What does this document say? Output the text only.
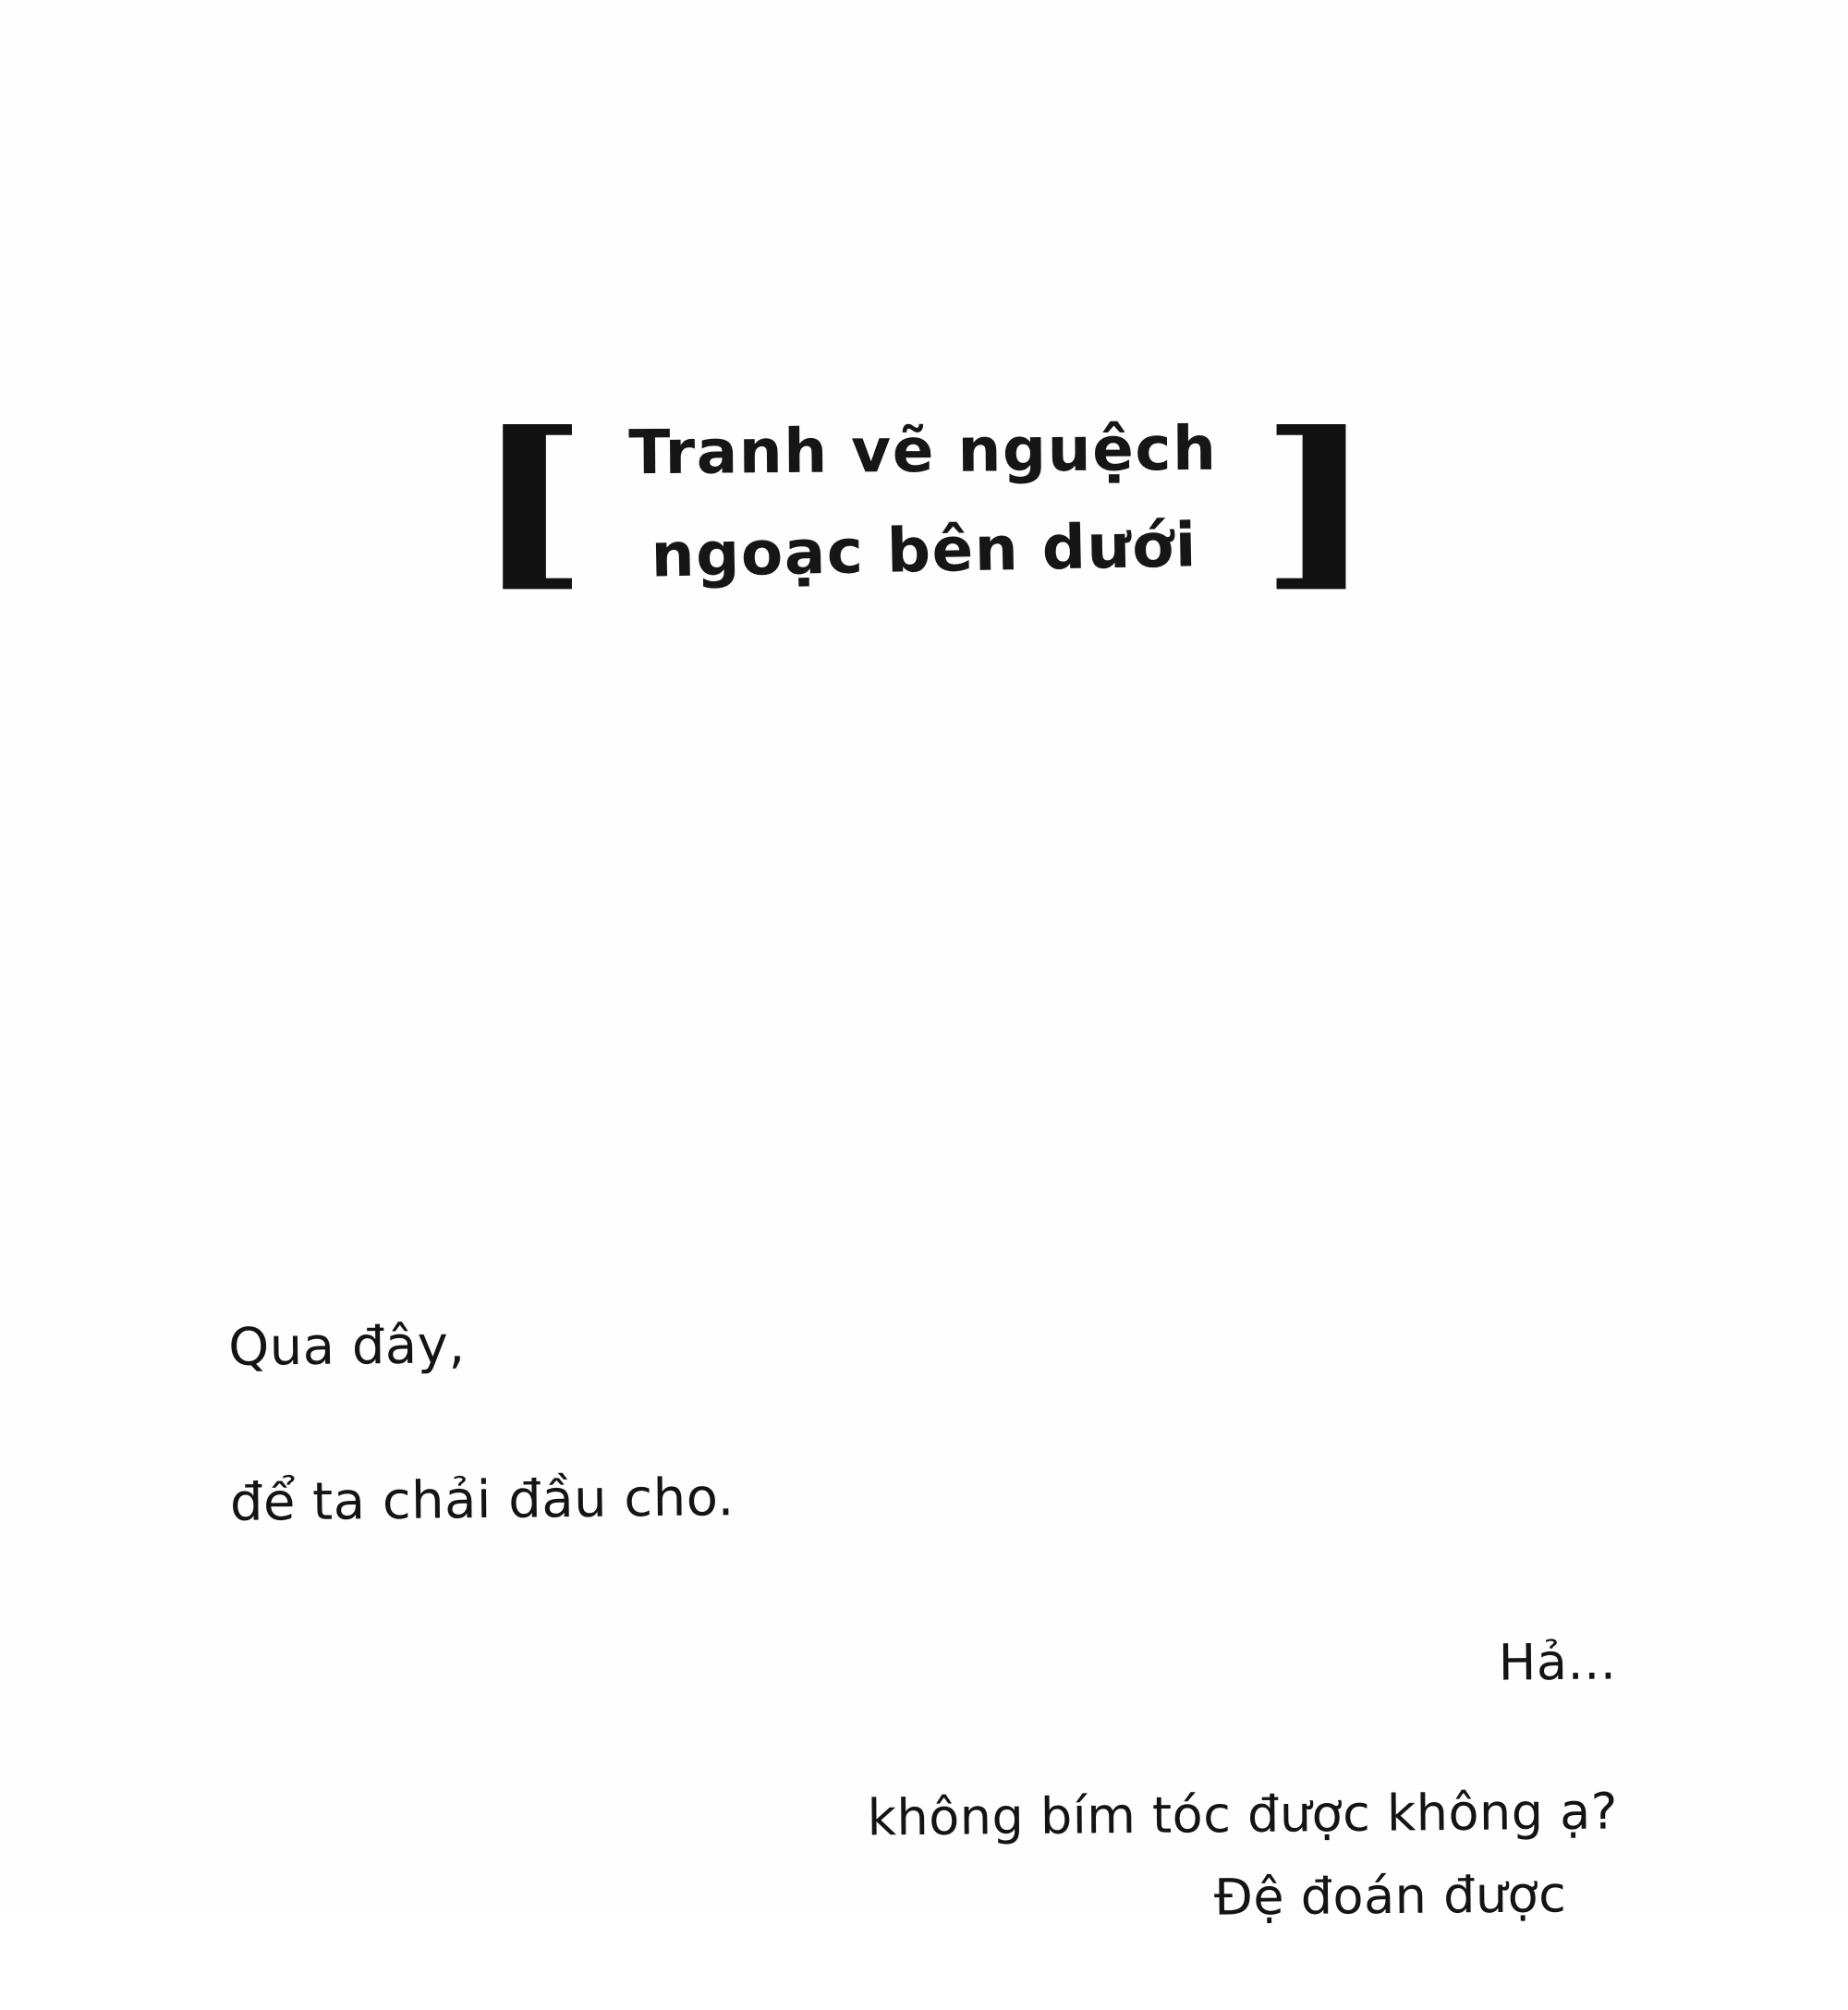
[ Tranh vẽ nguệch
ngoạc bên dưới ]

Qua đây,

để ta chải đầu cho.

Hả...

không bím tóc được không ạ?

Đệ đoán được
